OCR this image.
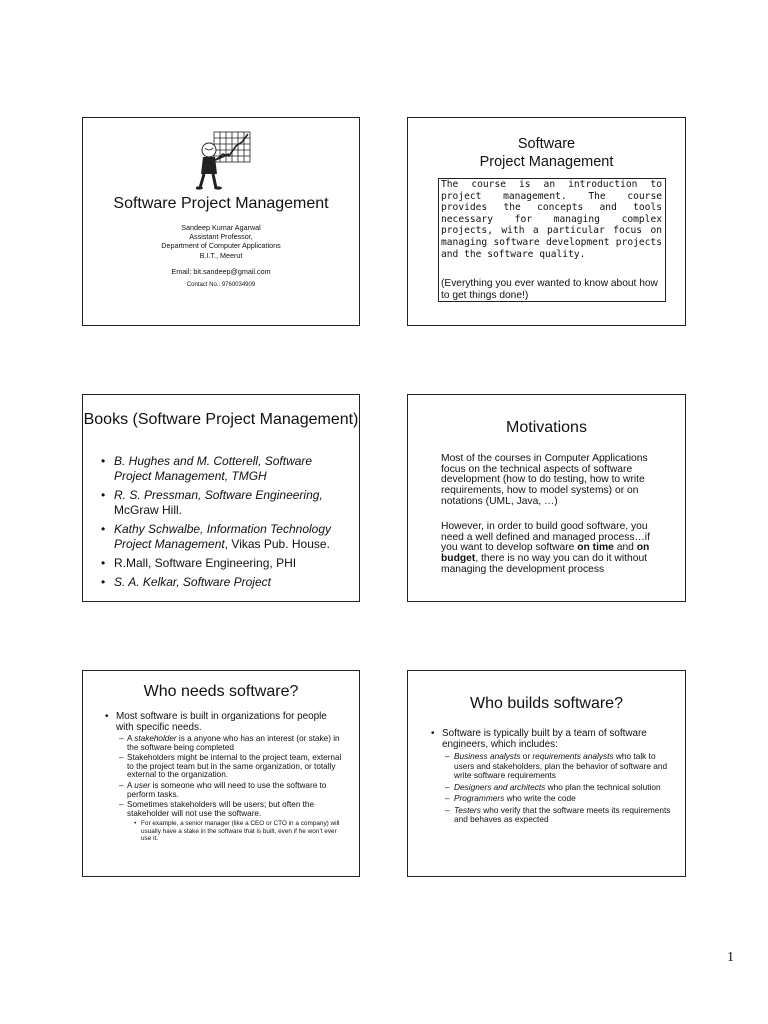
Software Project Management
Sandeep Kumar Agarwal
Assistant Professor,
Department of Computer Applications
B.I.T., Meerut
Email: bit.sandeep@gmail.com
Contact No.: 9760034909
Software
Project Management
The course is an introduction to project management. The course provides the concepts and tools necessary for managing complex projects, with a particular focus on managing software development projects and the software quality.
(Everything you ever wanted to know about how to get things done!)
Books (Software Project Management)
• B. Hughes and M. Cotterell, Software Project Management, TMGH
• R. S. Pressman, Software Engineering, McGraw Hill.
• Kathy Schwalbe, Information Technology Project Management, Vikas Pub. House.
• R.Mall, Software Engineering, PHI
• S. A. Kelkar, Software Project
Motivations

Most of the courses in Computer Applications focus on the technical aspects of software development (how to do testing, how to write requirements, how to model systems) or on notations (UML, Java, …)

However, in order to build good software, you need a well defined and managed process…if you want to develop software on time and on budget, there is no way you can do it without managing the development process

Who needs software?
• Most software is built in organizations for people with specific needs.
– A stakeholder is a anyone who has an interest (or stake) in the software being completed
– Stakeholders might be internal to the project team, external to the project team but in the same organization, or totally external to the organization.
– A user is someone who will need to use the software to perform tasks.
– Sometimes stakeholders will be users; but often the stakeholder will not use the software.
• For example, a senior manager (like a CEO or CTO in a company) will usually have a stake in the software that is built, even if he won’t ever use it.
Who builds software?
• Software is typically built by a team of software engineers, which includes:
– Business analysts or requirements analysts who talk to users and stakeholders, plan the behavior of software and write software requirements
– Designers and architects who plan the technical solution
– Programmers who write the code
– Testers who verify that the software meets its requirements and behaves as expected
1
